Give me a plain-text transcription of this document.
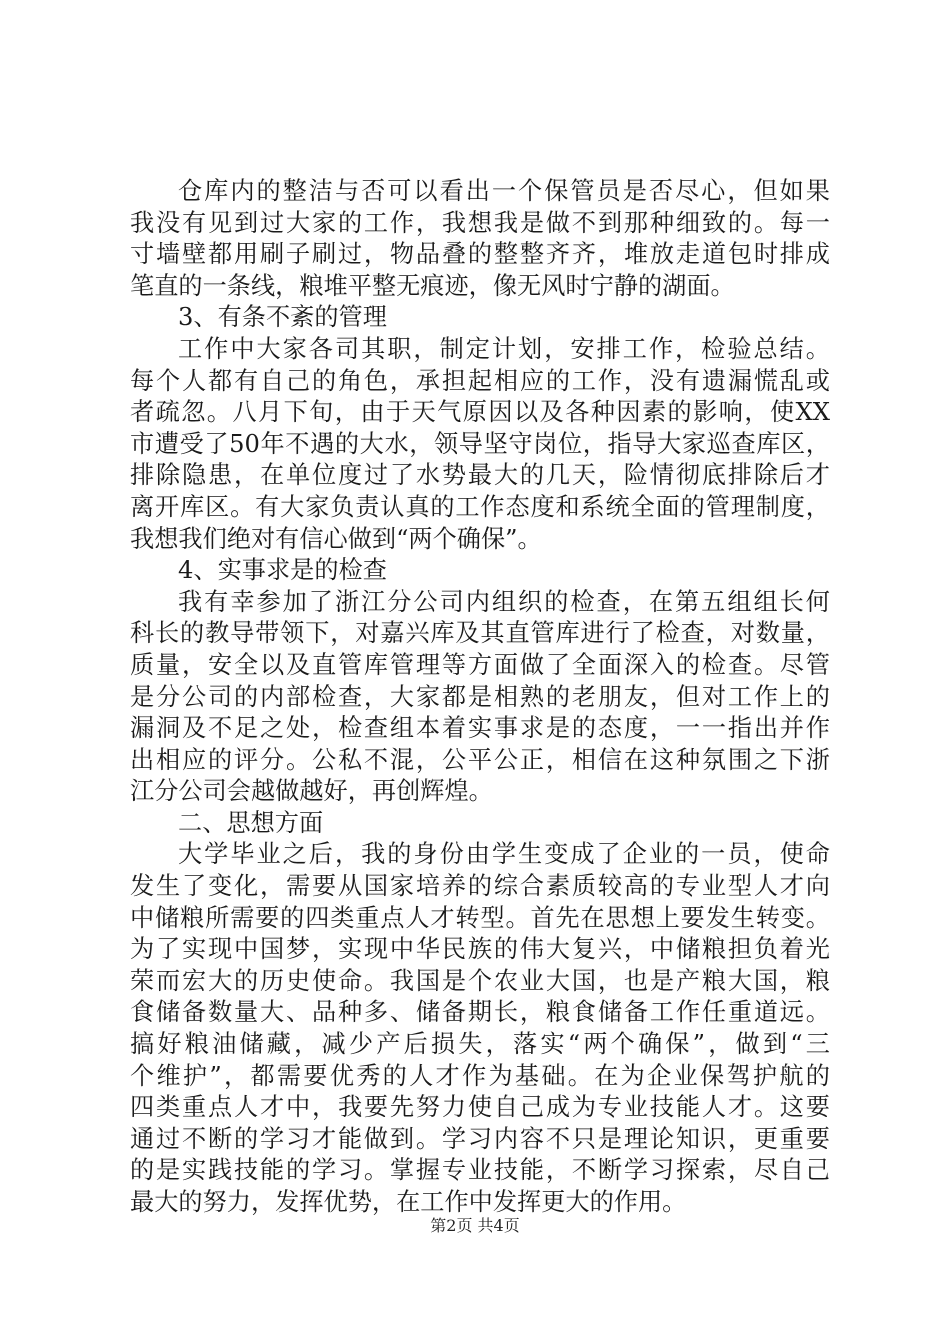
仓库内的整洁与否可以看出一个保管员是否尽心，但如果
我没有见到过大家的工作，我想我是做不到那种细致的。每一
寸墙壁都用刷子刷过，物品叠的整整齐齐，堆放走道包时排成
笔直的一条线，粮堆平整无痕迹，像无风时宁静的湖面。
3、有条不紊的管理
工作中大家各司其职，制定计划，安排工作，检验总结。
每个人都有自己的角色，承担起相应的工作，没有遗漏慌乱或
者疏忽。八月下旬，由于天气原因以及各种因素的影响，使XX
市遭受了50年不遇的大水，领导坚守岗位，指导大家巡查库区，
排除隐患，在单位度过了水势最大的几天，险情彻底排除后才
离开库区。有大家负责认真的工作态度和系统全面的管理制度，
我想我们绝对有信心做到“两个确保”。
4、实事求是的检查
我有幸参加了浙江分公司内组织的检查，在第五组组长何
科长的教导带领下，对嘉兴库及其直管库进行了检查，对数量，
质量，安全以及直管库管理等方面做了全面深入的检查。尽管
是分公司的内部检查，大家都是相熟的老朋友，但对工作上的
漏洞及不足之处，检查组本着实事求是的态度，一一指出并作
出相应的评分。公私不混，公平公正，相信在这种氛围之下浙
江分公司会越做越好，再创辉煌。
二、思想方面
大学毕业之后，我的身份由学生变成了企业的一员，使命
发生了变化，需要从国家培养的综合素质较高的专业型人才向
中储粮所需要的四类重点人才转型。首先在思想上要发生转变。
为了实现中国梦，实现中华民族的伟大复兴，中储粮担负着光
荣而宏大的历史使命。我国是个农业大国，也是产粮大国，粮
食储备数量大、品种多、储备期长，粮食储备工作任重道远。
搞好粮油储藏，减少产后损失，落实“两个确保”，做到“三
个维护”，都需要优秀的人才作为基础。在为企业保驾护航的
四类重点人才中，我要先努力使自己成为专业技能人才。这要
通过不断的学习才能做到。学习内容不只是理论知识，更重要
的是实践技能的学习。掌握专业技能，不断学习探索，尽自己
最大的努力，发挥优势，在工作中发挥更大的作用。
第2页 共4页
